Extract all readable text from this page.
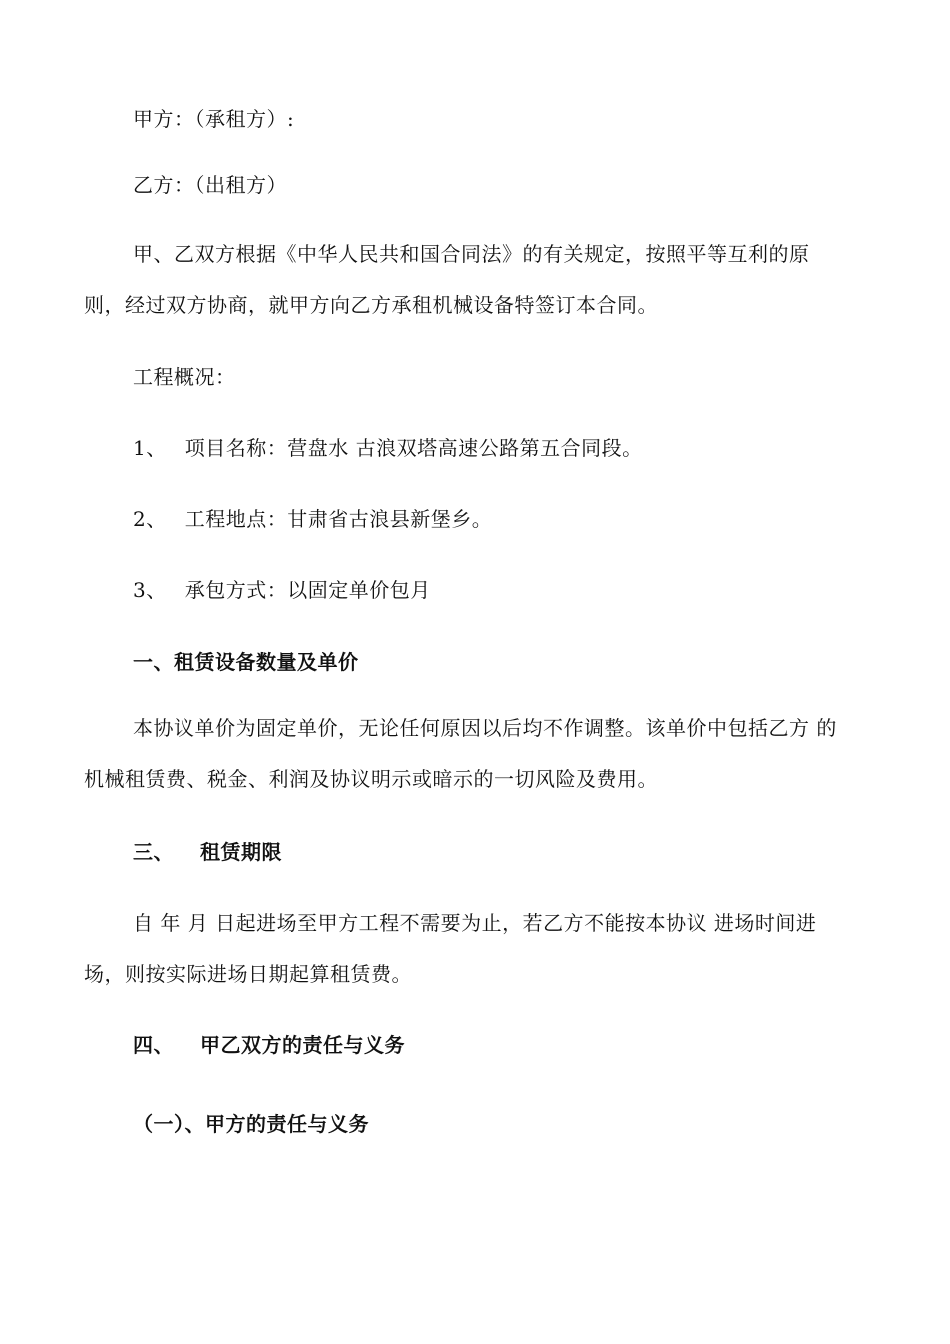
甲方：（承租方）:
乙方：（出租方）
甲、乙双方根据《中华人民共和国合同法》的有关规定，按照平等互利的原
则，经过双方协商，就甲方向乙方承租机械设备特签订本合同。
工程概况：
1、 项目名称：营盘水 古浪双塔高速公路第五合同段。
2、 工程地点：甘肃省古浪县新堡乡。
3、 承包方式：以固定单价包月
一、租赁设备数量及单价
本协议单价为固定单价，无论任何原因以后均不作调整。该单价中包括乙方 的
机械租赁费、税金、利润及协议明示或暗示的一切风险及费用。
三、 租赁期限
自 年 月 日起进场至甲方工程不需要为止，若乙方不能按本协议 进场时间进
场，则按实际进场日期起算租赁费。
四、 甲乙双方的责任与义务
（一）、甲方的责任与义务
